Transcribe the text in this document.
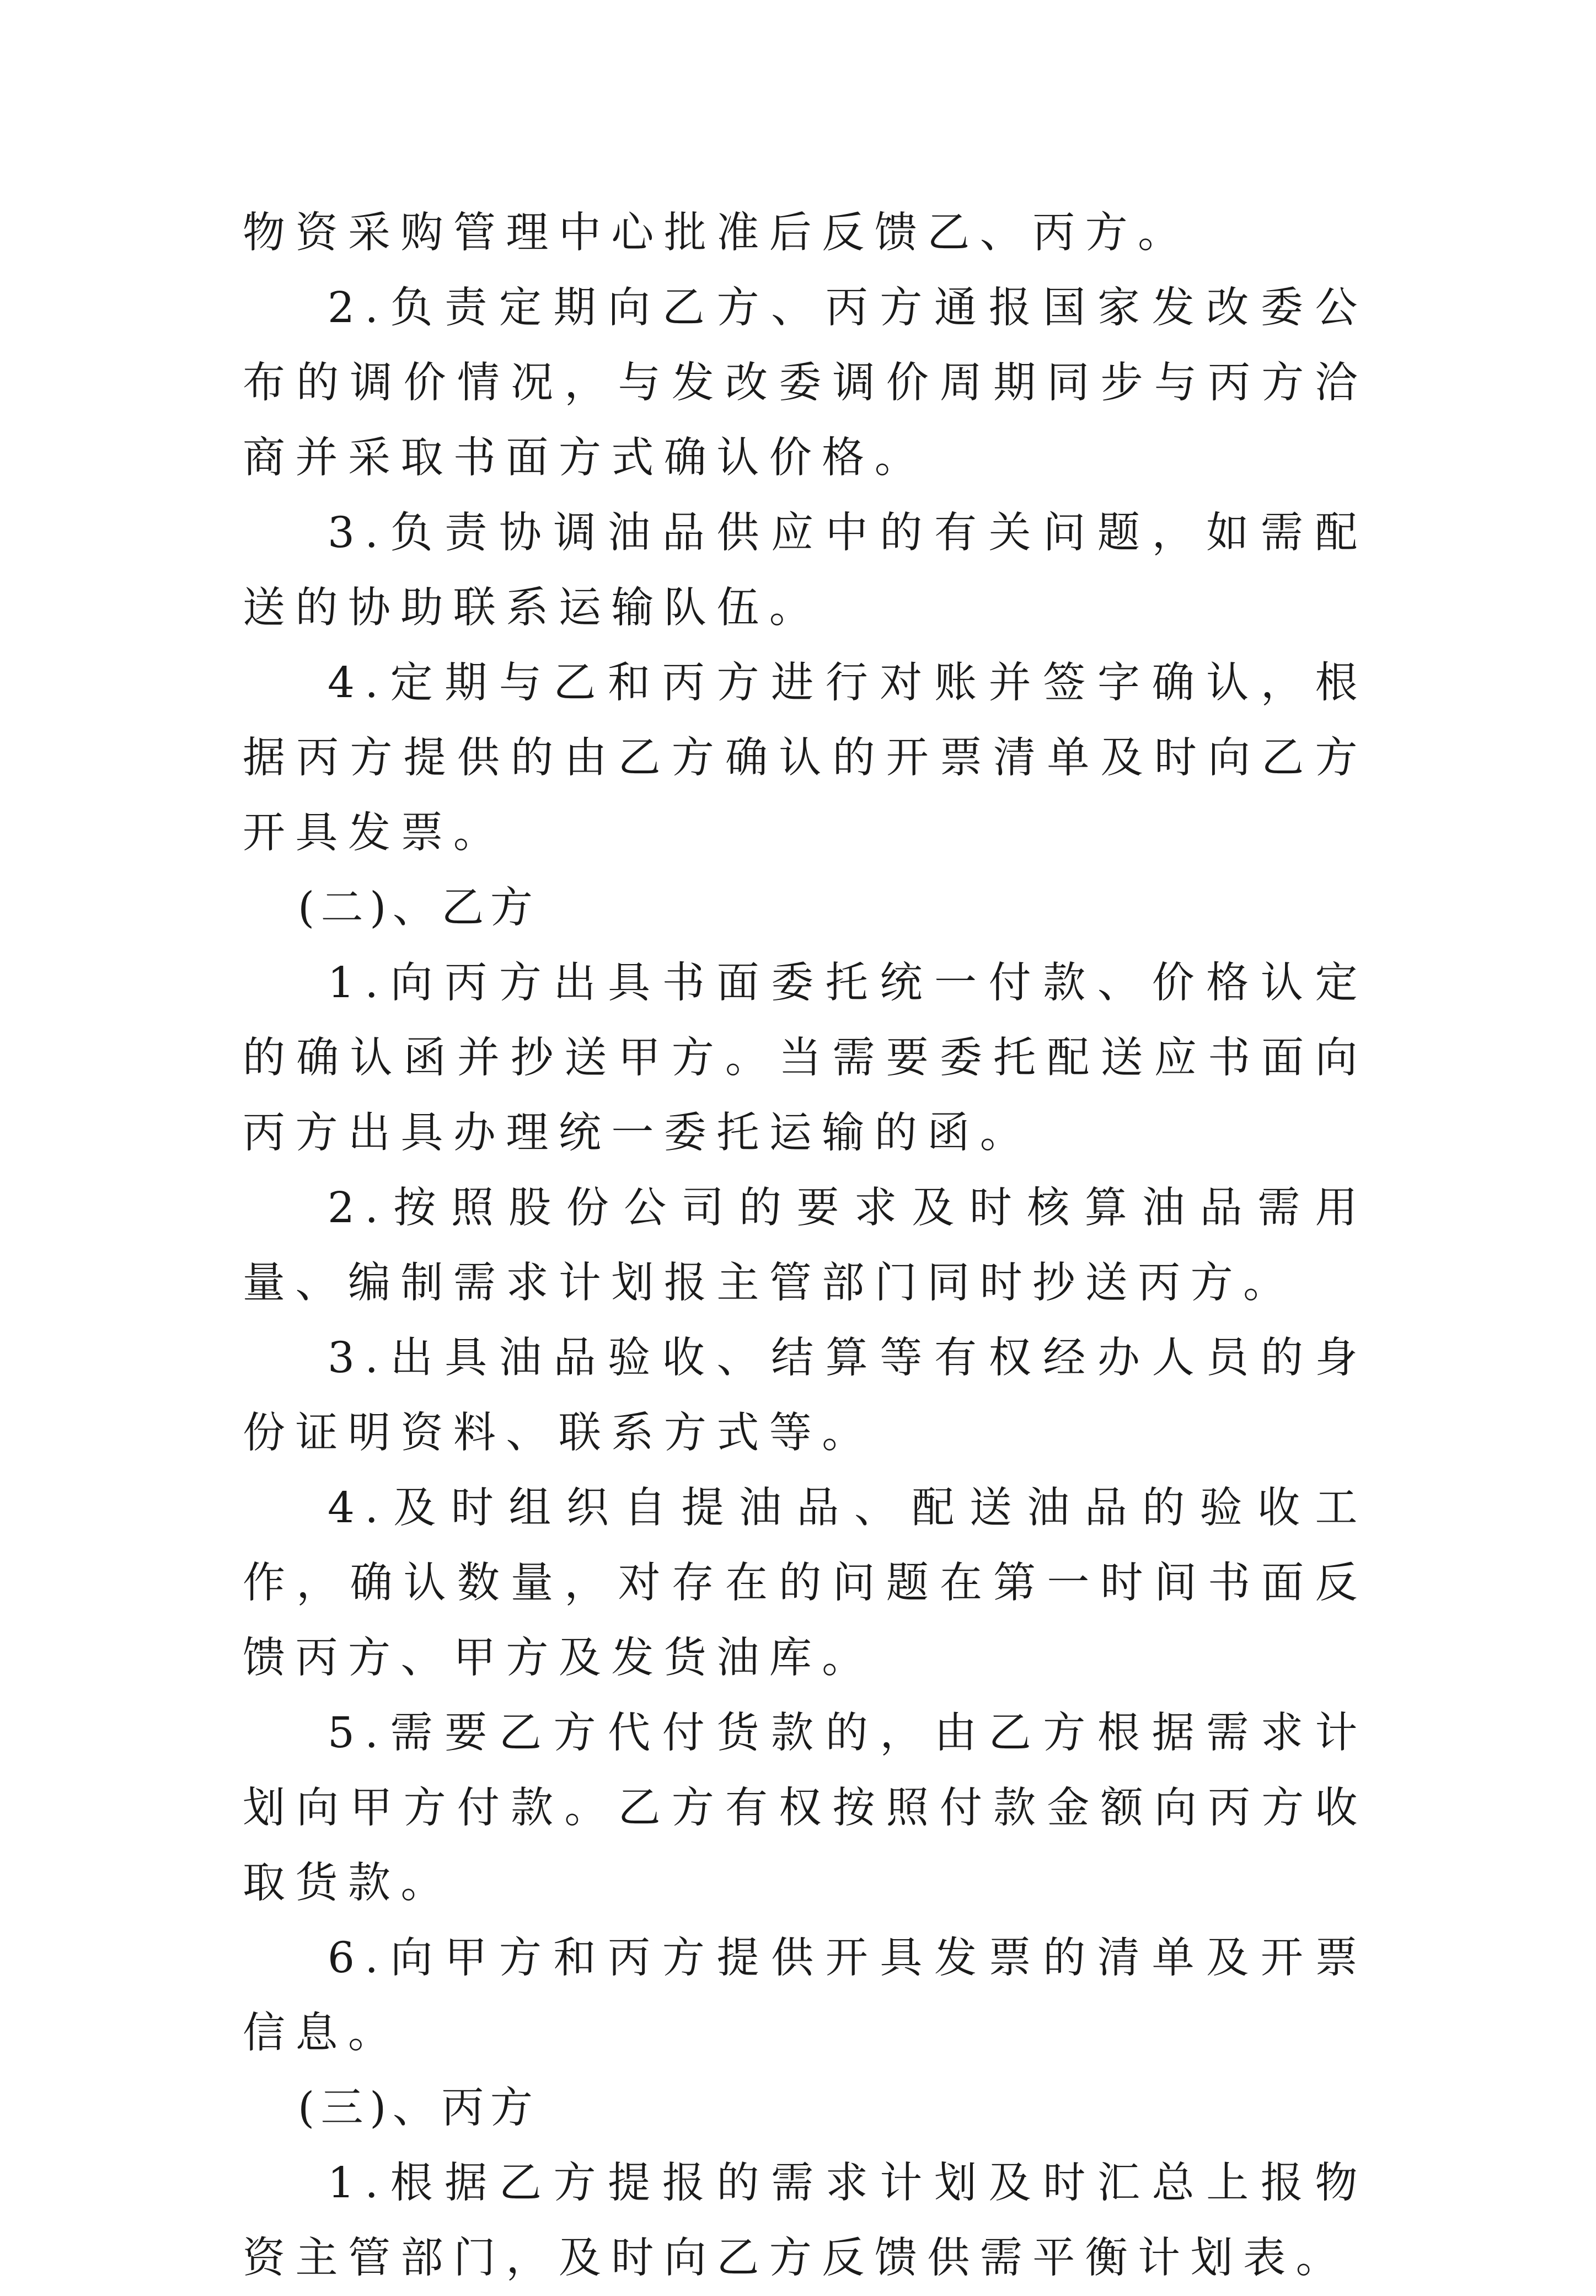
物资采购管理中心批准后反馈乙、丙方。

2.负责定期向乙方、丙方通报国家发改委公布的调价情况，与发改委调价周期同步与丙方洽商并采取书面方式确认价格。

3.负责协调油品供应中的有关问题，如需配送的协助联系运输队伍。

4.定期与乙和丙方进行对账并签字确认，根据丙方提供的由乙方确认的开票清单及时向乙方开具发票。

(二)、乙方

1.向丙方出具书面委托统一付款、价格认定的确认函并抄送甲方。当需要委托配送应书面向丙方出具办理统一委托运输的函。

2.按照股份公司的要求及时核算油品需用量、编制需求计划报主管部门同时抄送丙方。

3.出具油品验收、结算等有权经办人员的身份证明资料、联系方式等。

4.及时组织自提油品、配送油品的验收工作，确认数量，对存在的问题在第一时间书面反馈丙方、甲方及发货油库。

5.需要乙方代付货款的，由乙方根据需求计划向甲方付款。乙方有权按照付款金额向丙方收取货款。

6.向甲方和丙方提供开具发票的清单及开票信息。

(三)、丙方

1.根据乙方提报的需求计划及时汇总上报物资主管部门，及时向乙方反馈供需平衡计划表。
